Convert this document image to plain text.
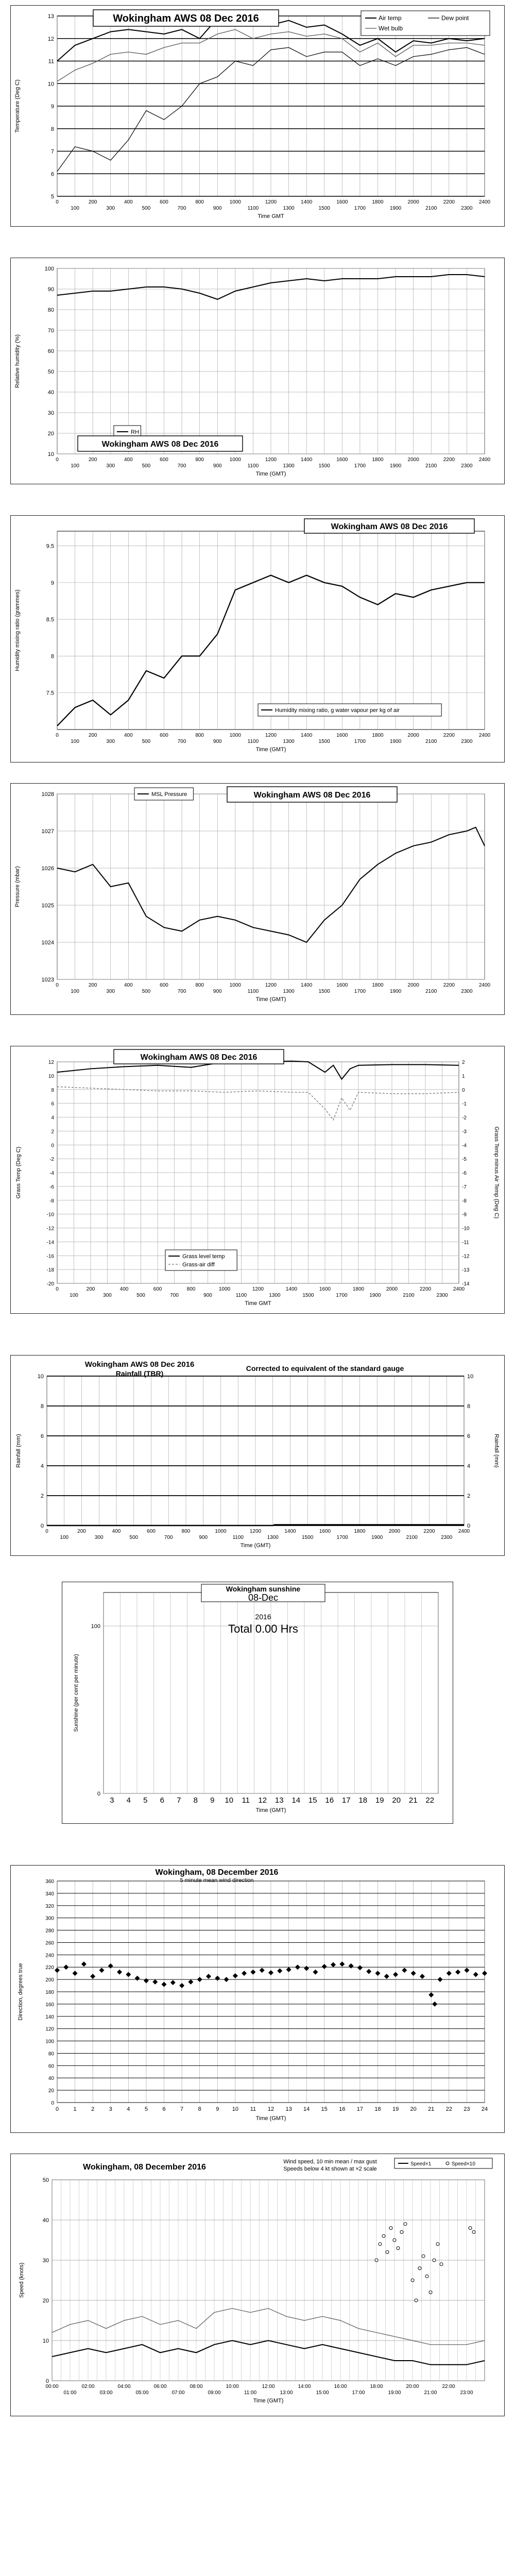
5
6
7
8
9
10
11
12
13
0
100
200
300
400
500
600
700
800
900
1000
1100
1200
1300
1400
1500
1600
1700
1800
1900
2000
2100
2200
2300
2400
Time GMT
Temperature (Deg C)
Wokingham AWS 08 Dec 2016	Air temp	Dew point
Wet bulb
10
20
30
40
50
60
70
80
90
100
0
100
200
300
400
500
600
700
800
900
1000
1100
1200
1300
1400
1500
1600
1700
1800
1900
2000
2100
2200
2300
2400
Time (GMT)
Relative humidity (%)
RH
Wokingham AWS 08 Dec 2016
7.5
8
8.5
9
9.5
0
100
200
300
400
500
600
700
800
900
1000
1100
1200
1300
1400
1500
1600
1700
1800
1900
2000
2100
2200
2300
2400
Time (GMT)
Humidity mixing ratio (grammes)
Wokingham AWS 08 Dec 2016
Humidity mixing ratio, g water vapour per kg of air
1023
1024
1025
1026
1027
1028
0
100
200
300
400
500
600
700
800
900
1000
1100
1200
1300
1400
1500
1600
1700
1800
1900
2000
2100
2200
2300
2400
Time (GMT)
Pressure (mbar)
MSL Pressure	Wokingham AWS 08 Dec 2016
-20
-18
-16
-14
-12
-10
-8
-6
-4
-2
0
2
4
6
8
10
12
-14
-13
-12
-11
-10
-9
-8
-7
-6
-5
-4
-3
-2
-1
0
1
2
0
100
200
300
400
500
600
700
800
900
1000
1100
1200
1300
1400
1500
1600
1700
1800
1900
2000
2100
2200
2300
2400
Time GMT
Grass Temp (Deg C)	Grass Temp minus Air Temp (Deg C)
Wokingham AWS 08 Dec 2016
Grass level temp
Grass-air diff
0	0
2	2
4	4
6	6
8	8
10	10
0
100
200
300
400
500
600
700
800
900
1000
1100
1200
1300
1400
1500
1600
1700
1800
1900
2000
2100
2200
2300
2400
Time (GMT)
Rainfall (mm)	Rainfall (mm)
Wokingham AWS 08 Dec 2016
Rainfall (TBR)
Corrected to equivalent of the standard gauge
0
100
3 4 5 6 7 8 9 10 11 12 13 14 15 16 17 18 19 20 21 22
Time (GMT)
Sunshine (per cent per minute)
Wokingham sunshine
08-Dec
2016
Total 0.00 Hrs
0	1	2	3	4	5	6	7	8	9 10 11 12 13 14 15 16 17 18 19 20 21 22 23 24
0
20
40
60
80
100
120
140
160
180
200
220
240
260
280
300
320
340
360
Time (GMT)
Direction, degrees true
Wokingham, 08 December 2016
5 minute mean wind direction
0
10
20
30
40
50
00:00
01:00
02:00
03:00
04:00
05:00
06:00
07:00
08:00
09:00
10:00
11:00
12:00
13:00
14:00
15:00
16:00
17:00
18:00
19:00
20:00
21:00
22:00
23:00
Time (GMT)
Speed (knots)
Wokingham, 08 December 2016
Wind speed, 10 min mean / max gust
Speeds below 4 kt shown at ×2 scale
Speed×1	Speed×10
